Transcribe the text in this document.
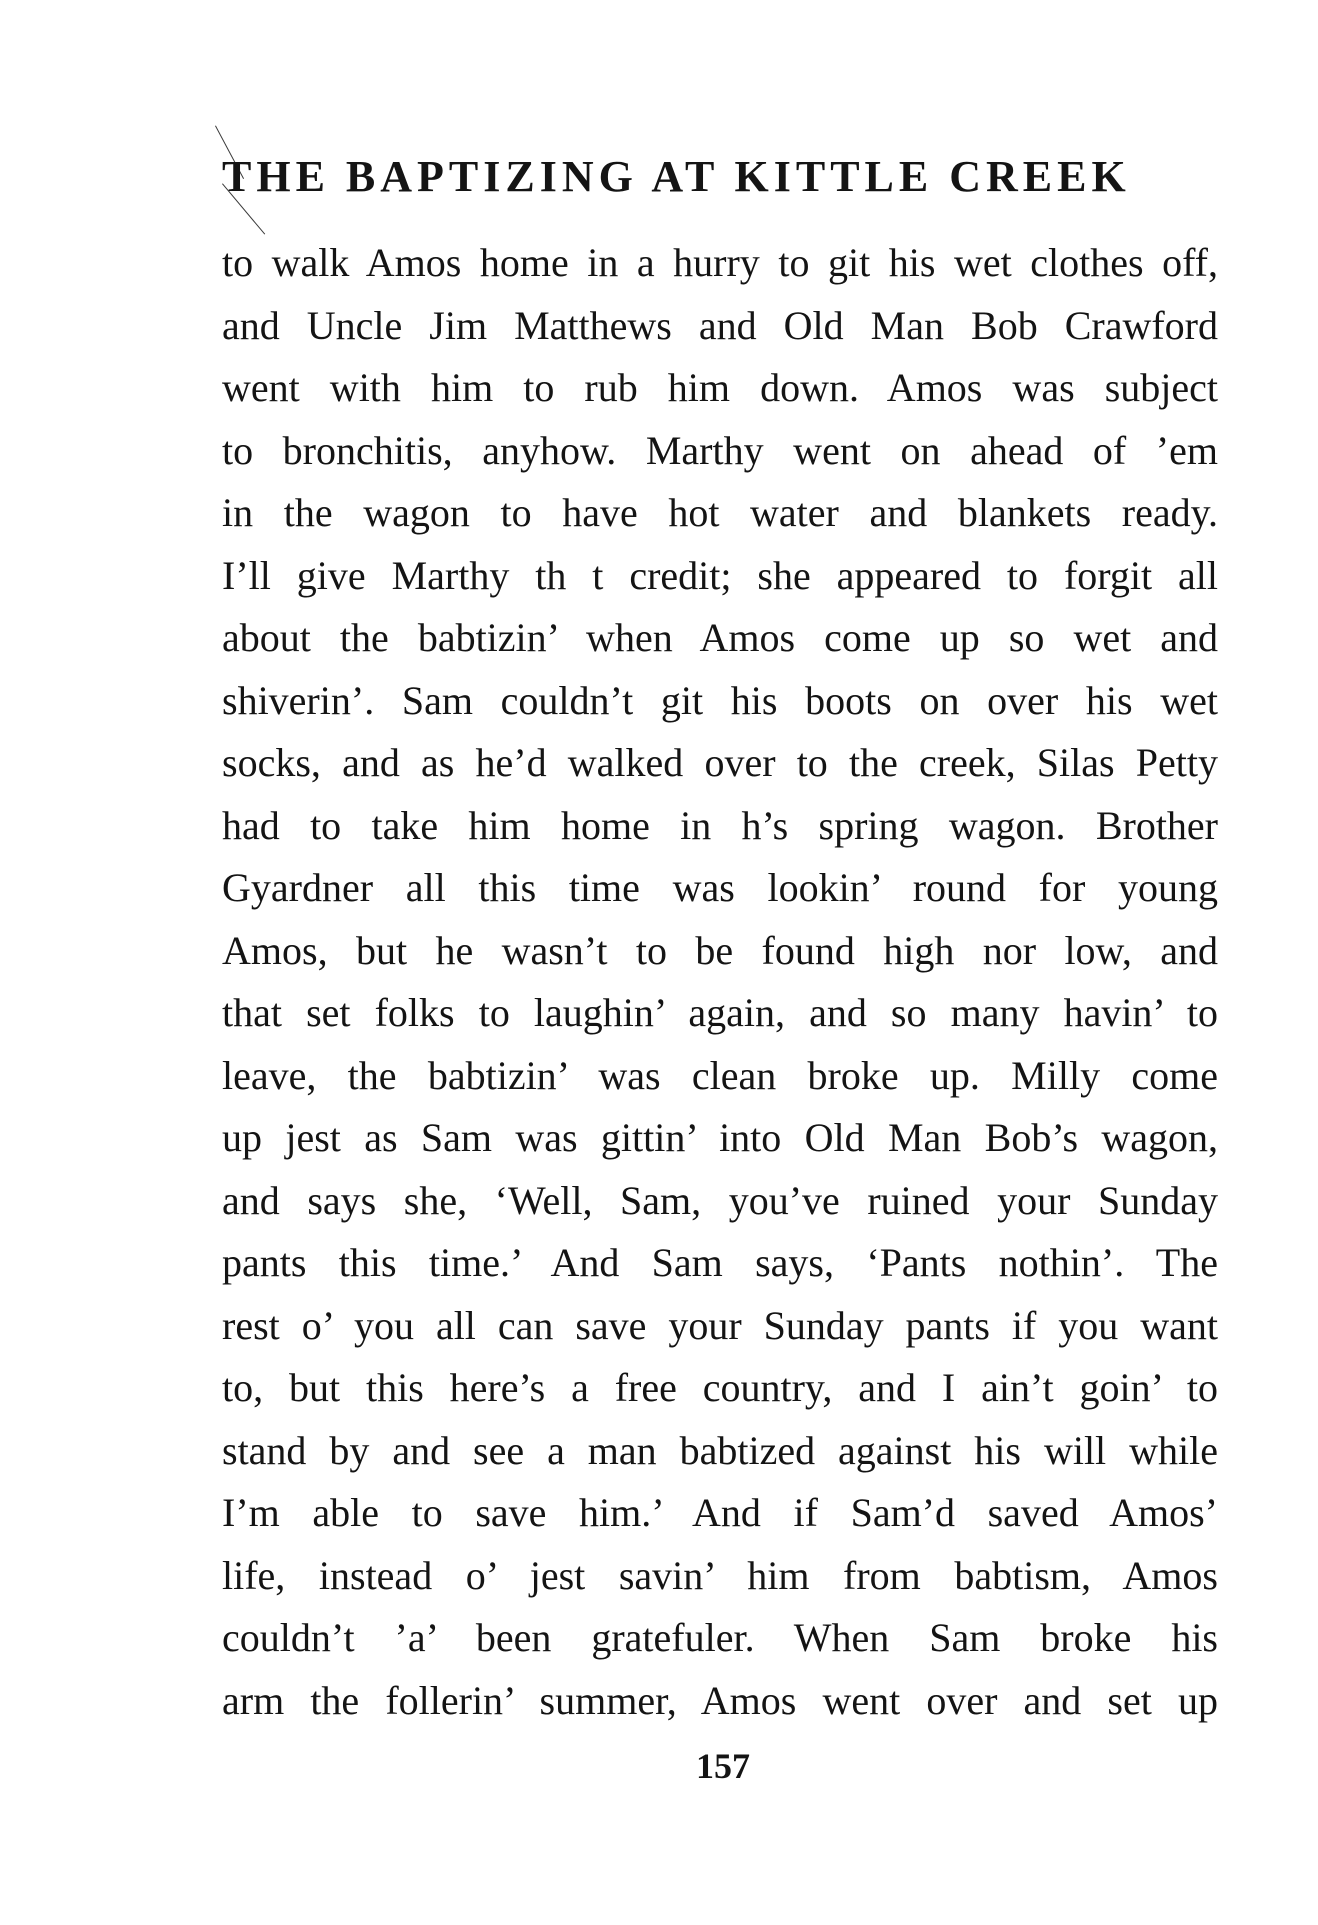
THE BAPTIZING AT KITTLE CREEK
to walk Amos home in a hurry to git his wet clothes off,
and Uncle Jim Matthews and Old Man Bob Crawford
went with him to rub him down. Amos was subject
to bronchitis, anyhow. Marthy went on ahead of ’em
in the wagon to have hot water and blankets ready.
I’ll give Marthy th t credit; she appeared to forgit all
about the babtizin’ when Amos come up so wet and
shiverin’. Sam couldn’t git his boots on over his wet
socks, and as he’d walked over to the creek, Silas Petty
had to take him home in h’s spring wagon. Brother
Gyardner all this time was lookin’ round for young
Amos, but he wasn’t to be found high nor low, and
that set folks to laughin’ again, and so many havin’ to
leave, the babtizin’ was clean broke up. Milly come
up jest as Sam was gittin’ into Old Man Bob’s wagon,
and says she, ‘Well, Sam, you’ve ruined your Sunday
pants this time.’ And Sam says, ‘Pants nothin’. The
rest o’ you all can save your Sunday pants if you want
to, but this here’s a free country, and I ain’t goin’ to
stand by and see a man babtized against his will while
I’m able to save him.’ And if Sam’d saved Amos’
life, instead o’ jest savin’ him from babtism, Amos
couldn’t ’a’ been gratefuler. When Sam broke his
arm the follerin’ summer, Amos went over and set up
157
